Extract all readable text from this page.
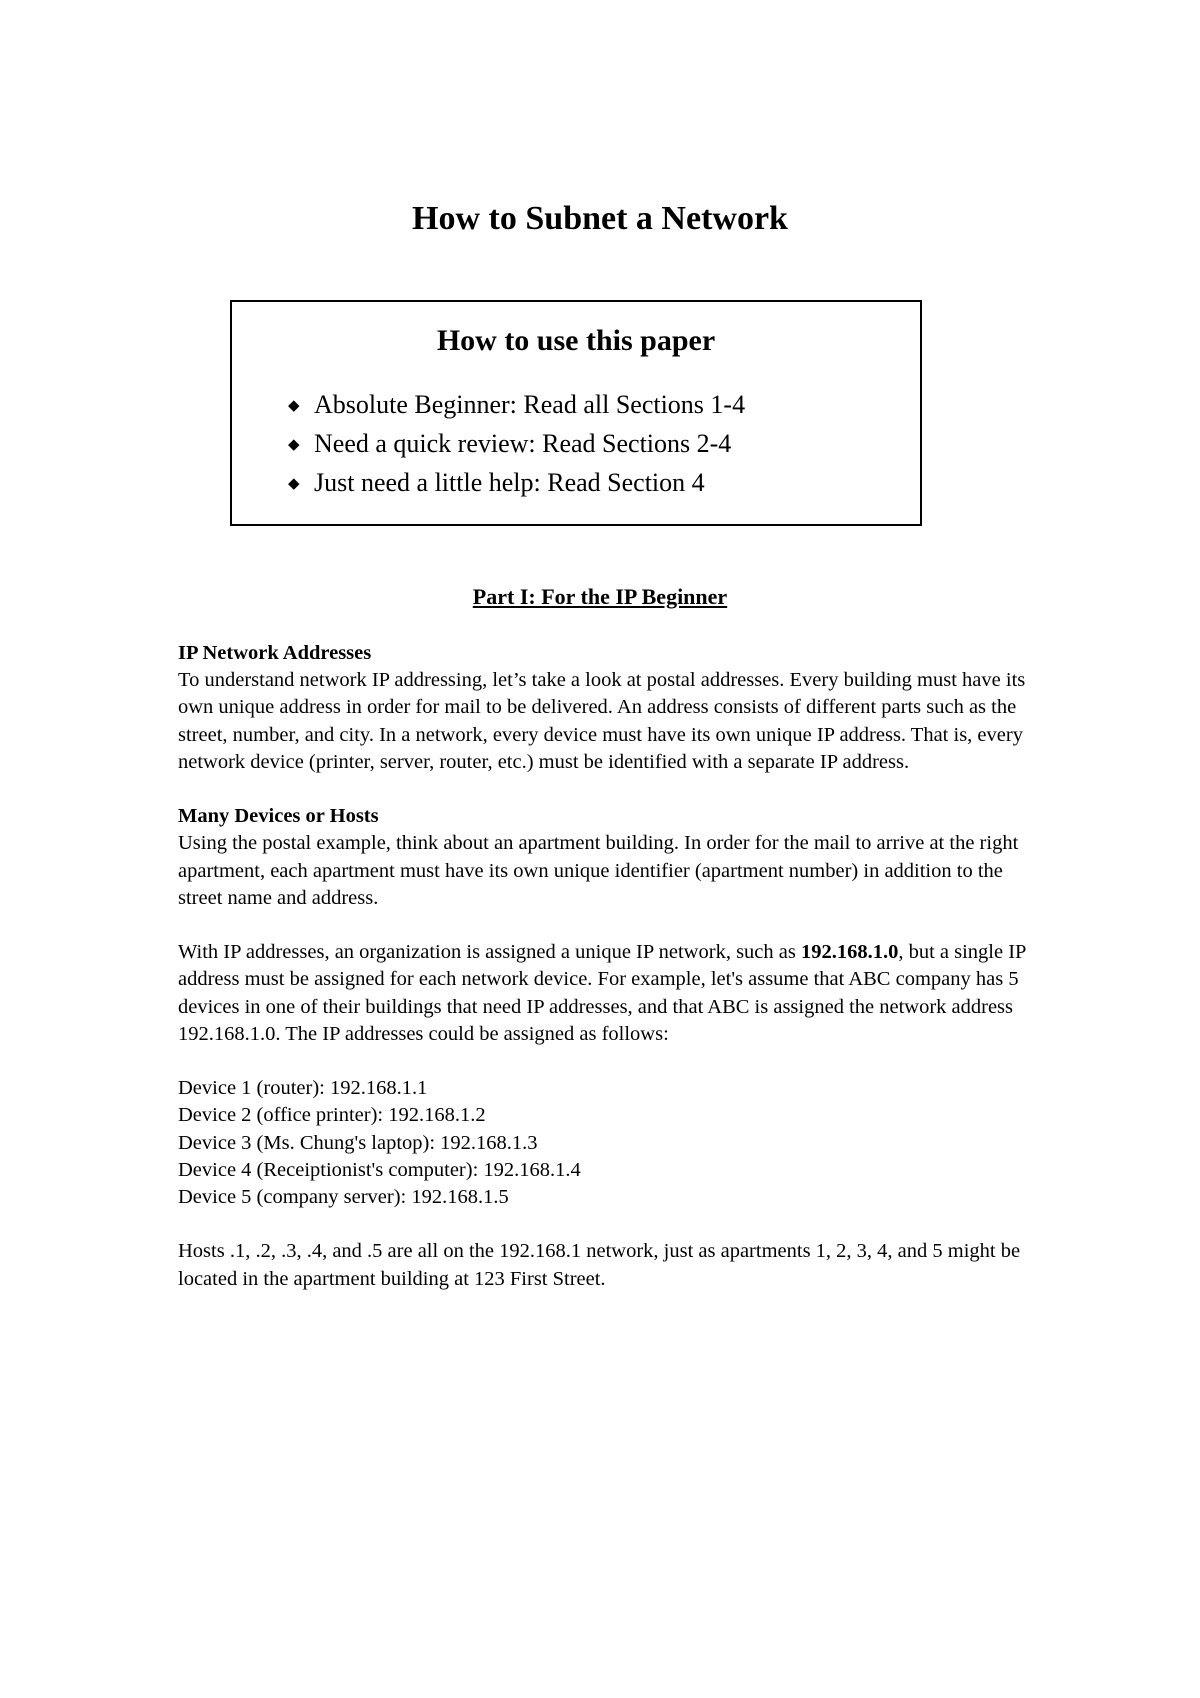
How to Subnet a Network
How to use this paper
◆ Absolute Beginner: Read all Sections 1-4
◆ Need a quick review: Read Sections 2-4
◆ Just need a little help: Read Section 4
Part I: For the IP Beginner
IP Network Addresses

To understand network IP addressing, let’s take a look at postal addresses. Every building must have its own unique address in order for mail to be delivered. An address consists of different parts such as the street, number, and city. In a network, every device must have its own unique IP address. That is, every network device (printer, server, router, etc.) must be identified with a separate IP address.

Many Devices or Hosts

Using the postal example, think about an apartment building. In order for the mail to arrive at the right apartment, each apartment must have its own unique identifier (apartment number) in addition to the street name and address.

With IP addresses, an organization is assigned a unique IP network, such as 192.168.1.0, but a single IP address must be assigned for each network device. For example, let's assume that ABC company has 5 devices in one of their buildings that need IP addresses, and that ABC is assigned the network address 192.168.1.0. The IP addresses could be assigned as follows:

Device 1 (router): 192.168.1.1
Device 2 (office printer): 192.168.1.2
Device 3 (Ms. Chung's laptop): 192.168.1.3
Device 4 (Receiptionist's computer): 192.168.1.4
Device 5 (company server): 192.168.1.5

Hosts .1, .2, .3, .4, and .5 are all on the 192.168.1 network, just as apartments 1, 2, 3, 4, and 5 might be located in the apartment building at 123 First Street.
